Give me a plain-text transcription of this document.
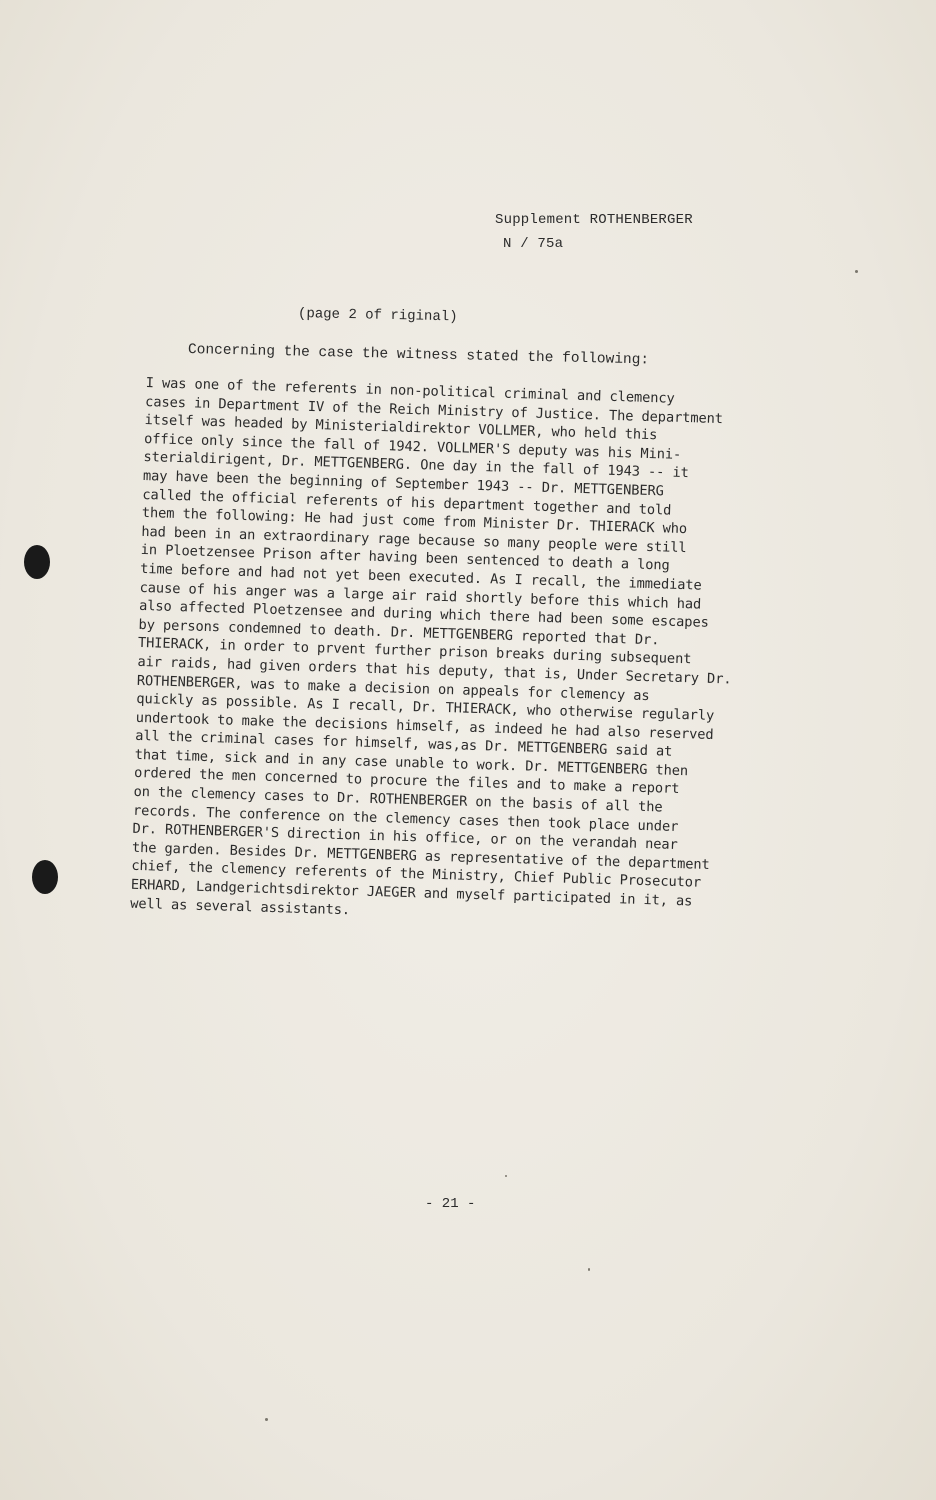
Supplement ROTHENBERGER
N / 75a
(page 2 of riginal)
Concerning the case the witness stated the following:
I was one of the referents in non-political criminal and clemency
cases in Department IV of the Reich Ministry of Justice. The department
itself was headed by Ministerialdirektor VOLLMER, who held this
office only since the fall of 1942. VOLLMER'S deputy was his Mini-
sterialdirigent, Dr. METTGENBERG. One day in the fall of 1943 -- it
may have been the beginning of September 1943 -- Dr. METTGENBERG
called the official referents of his department together and told
them the following: He had just come from Minister Dr. THIERACK who
had been in an extraordinary rage because so many people were still
in Ploetzensee Prison after having been sentenced to death a long
time before and had not yet been executed. As I recall, the immediate
cause of his anger was a large air raid shortly before this which had
also affected Ploetzensee and during which there had been some escapes
by persons condemned to death. Dr. METTGENBERG reported that Dr.
THIERACK, in order to prvent further prison breaks during subsequent
air raids, had given orders that his deputy, that is, Under Secretary Dr.
ROTHENBERGER, was to make a decision on appeals for clemency as
quickly as possible. As I recall, Dr. THIERACK, who otherwise regularly
undertook to make the decisions himself, as indeed he had also reserved
all the criminal cases for himself, was,as Dr. METTGENBERG said at
that time, sick and in any case unable to work. Dr. METTGENBERG then
ordered the men concerned to procure the files and to make a report
on the clemency cases to Dr. ROTHENBERGER on the basis of all the
records. The conference on the clemency cases then took place under
Dr. ROTHENBERGER'S direction in his office, or on the verandah near
the garden. Besides Dr. METTGENBERG as representative of the department
chief, the clemency referents of the Ministry, Chief Public Prosecutor
ERHARD, Landgerichtsdirektor JAEGER and myself participated in it, as
well as several assistants.
- 21 -
